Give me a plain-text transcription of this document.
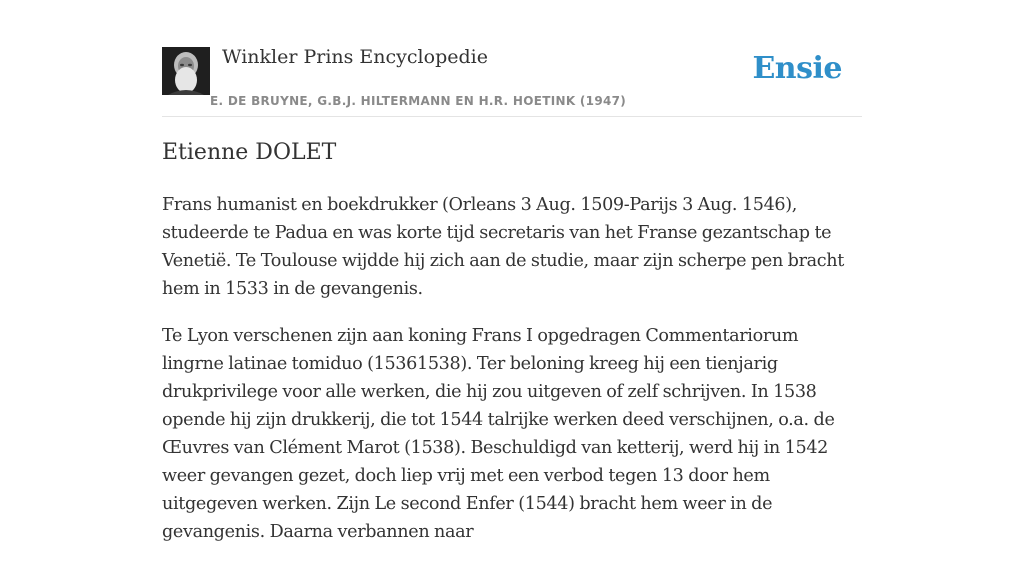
Winkler Prins Encyclopedie
E. DE BRUYNE, G.B.J. HILTERMANN EN H.R. HOETINK (1947)
Ensie
Etienne DOLET

Frans humanist en boekdrukker (Orleans 3 Aug. 1509-Parijs 3 Aug. 1546), studeerde te Padua en was korte tijd secretaris van het Franse gezantschap te Venetië. Te Toulouse wijdde hij zich aan de studie, maar zijn scherpe pen bracht hem in 1533 in de gevangenis.

Te Lyon verschenen zijn aan koning Frans I opgedragen Commentariorum lingrne latinae tomiduo (15361538). Ter beloning kreeg hij een tienjarig drukprivilege voor alle werken, die hij zou uitgeven of zelf schrijven. In 1538 opende hij zijn drukkerij, die tot 1544 talrijke werken deed verschijnen, o.a. de Œuvres van Clément Marot (1538). Beschuldigd van ketterij, werd hij in 1542 weer gevangen gezet, doch liep vrij met een verbod tegen 13 door hem uitgegeven werken. Zijn Le second Enfer (1544) bracht hem weer in de gevangenis. Daarna verbannen naar
